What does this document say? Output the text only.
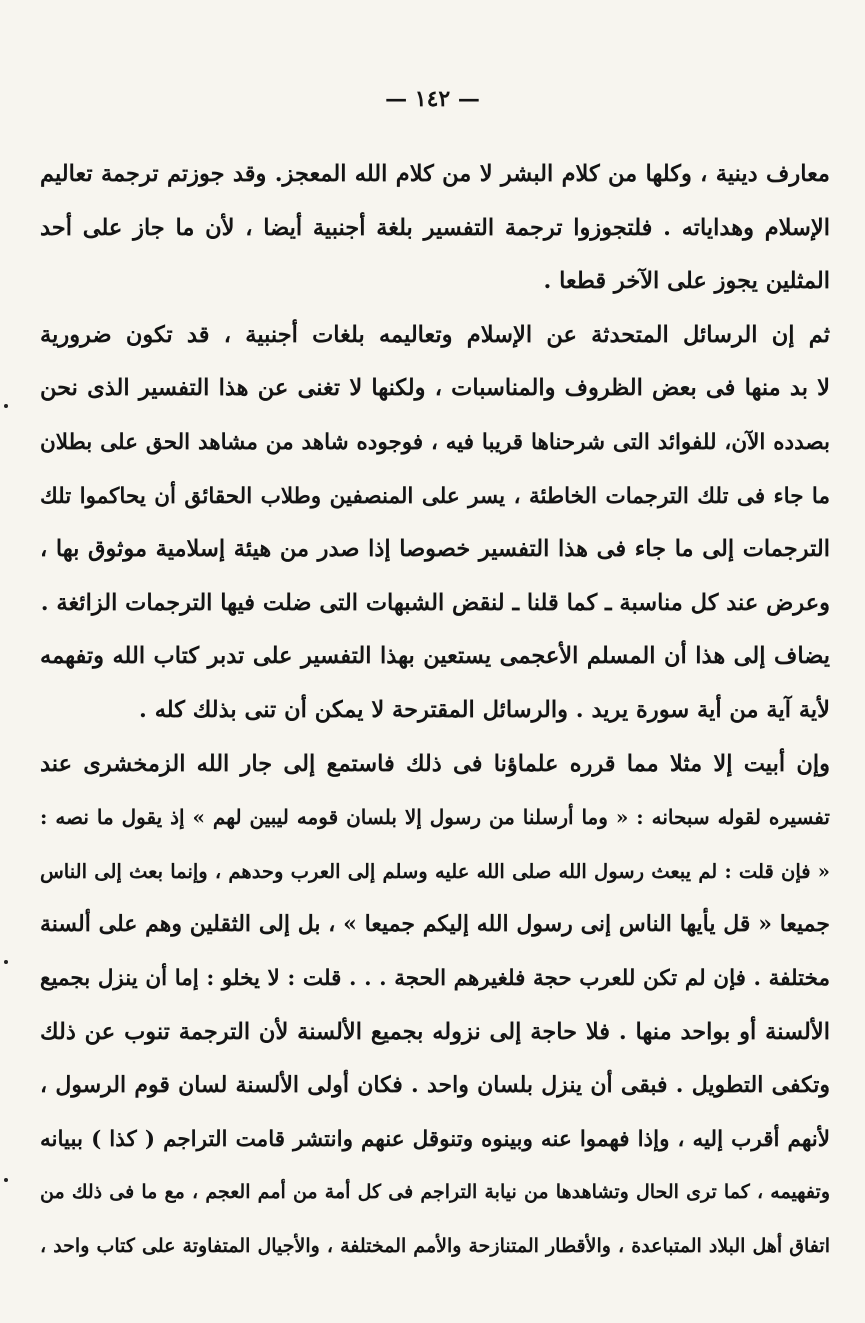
— ١٤٢ —
معارف دينية ، وكلها من كلام البشر لا من كلام الله المعجز. وقد جوزتم ترجمة تعاليم
الإسلام وهداياته . فلتجوزوا ترجمة التفسير بلغة أجنبية أيضا ، لأن ما جاز على أحد
المثلين يجوز على الآخر قطعا .
ثم إن الرسائل المتحدثة عن الإسلام وتعاليمه بلغات أجنبية ، قد تكون ضرورية
لا بد منها فى بعض الظروف والمناسبات ، ولكنها لا تغنى عن هذا التفسير الذى نحن
بصدده الآن، للفوائد التى شرحناها قريبا فيه ، فوجوده شاهد من مشاهد الحق على بطلان
ما جاء فى تلك الترجمات الخاطئة ، يسر على المنصفين وطلاب الحقائق أن يحاكموا تلك
الترجمات إلى ما جاء فى هذا التفسير خصوصا إذا صدر من هيئة إسلامية موثوق بها ،
وعرض عند كل مناسبة ـ كما قلنا ـ لنقض الشبهات التى ضلت فيها الترجمات الزائغة .
يضاف إلى هذا أن المسلم الأعجمى يستعين بهذا التفسير على تدبر كتاب الله وتفهمه
لأية آية من أية سورة يريد . والرسائل المقترحة لا يمكن أن تنى بذلك كله .
وإن أبيت إلا مثلا مما قرره علماؤنا فى ذلك فاستمع إلى جار الله الزمخشرى عند
تفسيره لقوله سبحانه : « وما أرسلنا من رسول إلا بلسان قومه ليبين لهم » إذ يقول ما نصه :
« فإن قلت : لم يبعث رسول الله صلى الله عليه وسلم إلى العرب وحدهم ، وإنما بعث إلى الناس
جميعا « قل يأيها الناس إنى رسول الله إليكم جميعا » ، بل إلى الثقلين وهم على ألسنة
مختلفة . فإن لم تكن للعرب حجة فلغيرهم الحجة . . . قلت : لا يخلو : إما أن ينزل بجميع
الألسنة أو بواحد منها . فلا حاجة إلى نزوله بجميع الألسنة لأن الترجمة تنوب عن ذلك
وتكفى التطويل . فبقى أن ينزل بلسان واحد . فكان أولى الألسنة لسان قوم الرسول ،
لأنهم أقرب إليه ، وإذا فهموا عنه وبينوه وتنوقل عنهم وانتشر قامت التراجم ( كذا ) ببيانه
وتفهيمه ، كما ترى الحال وتشاهدها من نيابة التراجم فى كل أمة من أمم العجم ، مع ما فى ذلك من
اتفاق أهل البلاد المتباعدة ، والأقطار المتنازحة والأمم المختلفة ، والأجيال المتفاوتة على كتاب واحد ،
